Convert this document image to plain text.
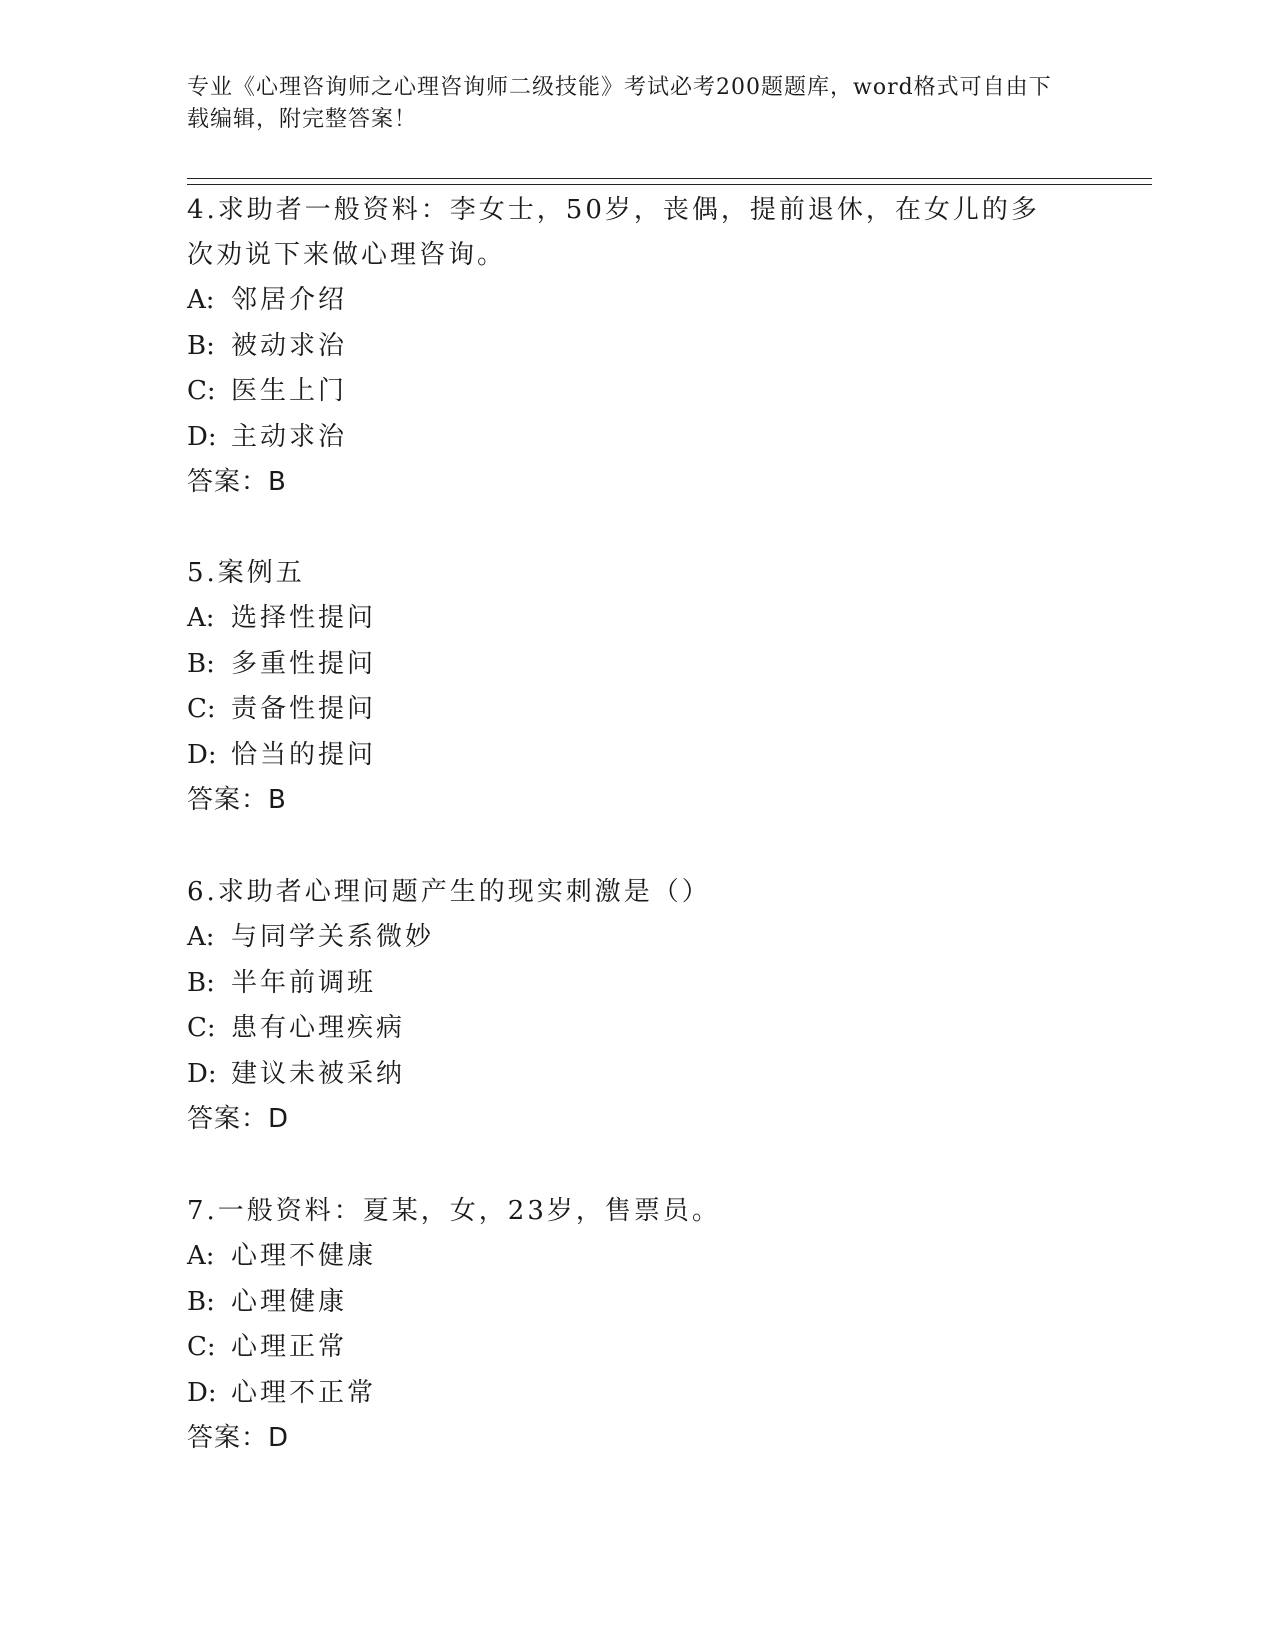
专业《心理咨询师之心理咨询师二级技能》考试必考200题题库，word格式可自由下载编辑，附完整答案！

4.求助者一般资料：李女士，50岁，丧偶，提前退休，在女儿的多次劝说下来做心理咨询。

A: 邻居介绍
B: 被动求治
C: 医生上门
D: 主动求治
答案：B

5.案例五

A: 选择性提问
B: 多重性提问
C: 责备性提问
D: 恰当的提问
答案：B

6.求助者心理问题产生的现实刺激是（）

A: 与同学关系微妙
B: 半年前调班
C: 患有心理疾病
D: 建议未被采纳
答案：D

7.一般资料：夏某，女，23岁，售票员。

A: 心理不健康
B: 心理健康
C: 心理正常
D: 心理不正常
答案：D
